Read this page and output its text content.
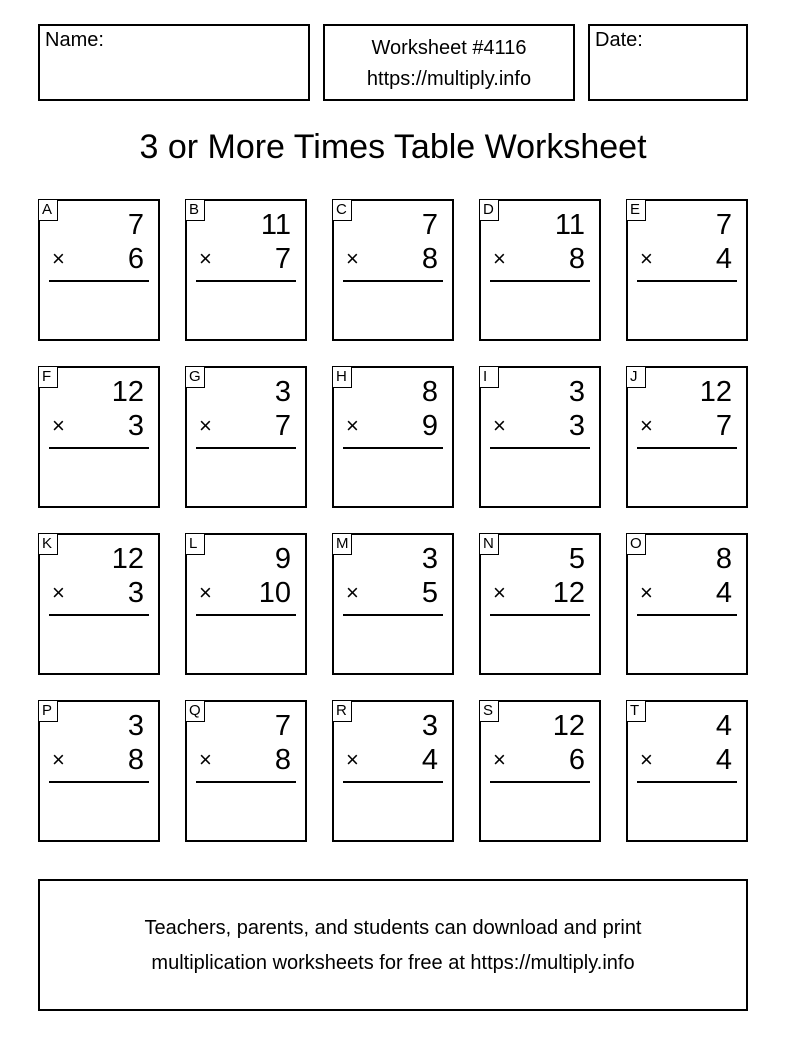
Name:	Worksheet #4116
https://multiply.info
Date:
3 or More Times Table Worksheet
A	7
× 6
B 11
× 7
C	7
× 8
D 11
× 8
E	7
× 4
F 12
× 3
G	3
× 7
H	8
× 9
I	3
× 3
J 12
× 7
K 12
× 3
L	9
× 10
M	3
× 5
N	5
× 12
O	8
× 4
P	3
× 8
Q	7
× 8
R	3
× 4
S 12
× 6
T	4
× 4
Teachers, parents, and students can download and print
multiplication worksheets for free at https://multiply.info
